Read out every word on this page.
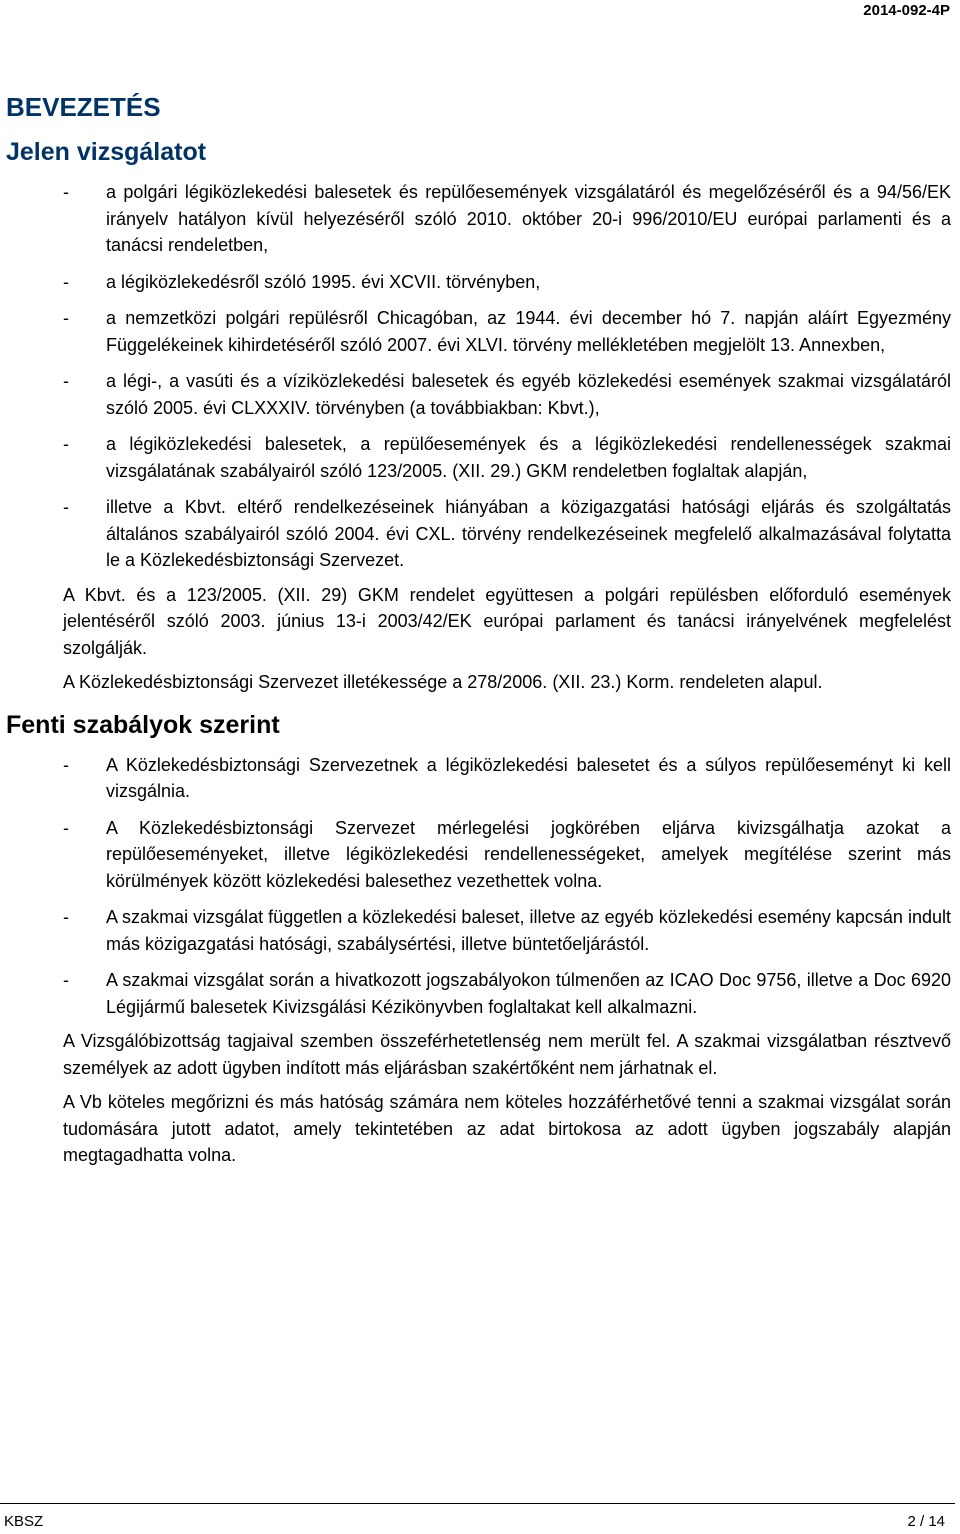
2014-092-4P
BEVEZETÉS
Jelen vizsgálatot
- a polgári légiközlekedési balesetek és repülőesemények vizsgálatáról és megelőzéséről és a 94/56/EK irányelv hatályon kívül helyezéséről szóló 2010. október 20-i 996/2010/EU európai parlamenti és a tanácsi rendeletben,
- a légiközlekedésről szóló 1995. évi XCVII. törvényben,
- a nemzetközi polgári repülésről Chicagóban, az 1944. évi december hó 7. napján aláírt Egyezmény Függelékeinek kihirdetéséről szóló 2007. évi XLVI. törvény mellékletében megjelölt 13. Annexben,
- a légi-, a vasúti és a víziközlekedési balesetek és egyéb közlekedési események szakmai vizsgálatáról szóló 2005. évi CLXXXIV. törvényben (a továbbiakban: Kbvt.),
- a légiközlekedési balesetek, a repülőesemények és a légiközlekedési rendellenességek szakmai vizsgálatának szabályairól szóló 123/2005. (XII. 29.) GKM rendeletben foglaltak alapján,
- illetve a Kbvt. eltérő rendelkezéseinek hiányában a közigazgatási hatósági eljárás és szolgáltatás általános szabályairól szóló 2004. évi CXL. törvény rendelkezéseinek megfelelő alkalmazásával folytatta le a Közlekedésbiztonsági Szervezet.

A Kbvt. és a 123/2005. (XII. 29) GKM rendelet együttesen a polgári repülésben előforduló események jelentéséről szóló 2003. június 13-i 2003/42/EK európai parlament és tanácsi irányelvének megfelelést szolgálják.

A Közlekedésbiztonsági Szervezet illetékessége a 278/2006. (XII. 23.) Korm. rendeleten alapul.

Fenti szabályok szerint
- A Közlekedésbiztonsági Szervezetnek a légiközlekedési balesetet és a súlyos repülőeseményt ki kell vizsgálnia.
- A Közlekedésbiztonsági Szervezet mérlegelési jogkörében eljárva kivizsgálhatja azokat a repülőeseményeket, illetve légiközlekedési rendellenességeket, amelyek megítélése szerint más körülmények között közlekedési balesethez vezethettek volna.
- A szakmai vizsgálat független a közlekedési baleset, illetve az egyéb közlekedési esemény kapcsán indult más közigazgatási hatósági, szabálysértési, illetve büntetőeljárástól.
- A szakmai vizsgálat során a hivatkozott jogszabályokon túlmenően az ICAO Doc 9756, illetve a Doc 6920 Légijármű balesetek Kivizsgálási Kézikönyvben foglaltakat kell alkalmazni.

A Vizsgálóbizottság tagjaival szemben összeférhetetlenség nem merült fel. A szakmai vizsgálatban résztvevő személyek az adott ügyben indított más eljárásban szakértőként nem járhatnak el.

A Vb köteles megőrizni és más hatóság számára nem köteles hozzáférhetővé tenni a szakmai vizsgálat során tudomására jutott adatot, amely tekintetében az adat birtokosa az adott ügyben jogszabály alapján megtagadhatta volna.

KBSZ	2 / 14
